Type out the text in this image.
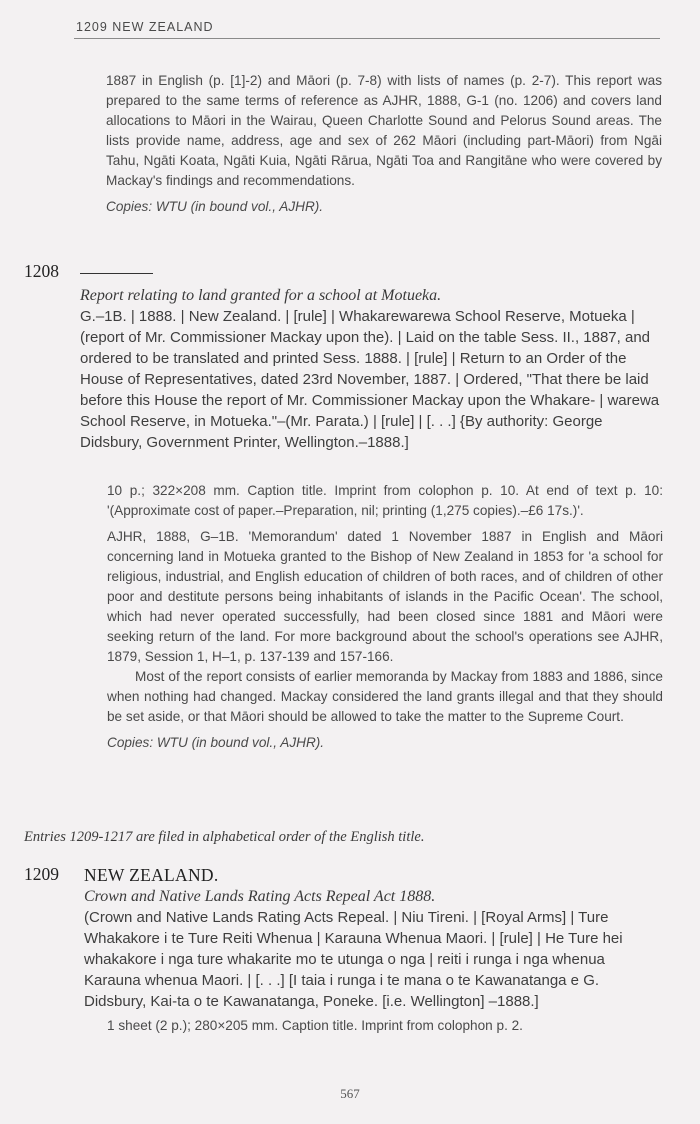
1209 NEW ZEALAND

1887 in English (p. [1]-2) and Māori (p. 7-8) with lists of names (p. 2-7). This report was prepared to the same terms of reference as AJHR, 1888, G-1 (no. 1206) and covers land allocations to Māori in the Wairau, Queen Charlotte Sound and Pelorus Sound areas. The lists provide name, address, age and sex of 262 Māori (including part-Māori) from Ngāi Tahu, Ngāti Koata, Ngāti Kuia, Ngāti Rārua, Ngāti Toa and Rangitāne who were covered by Mackay's findings and recommendations.

Copies: WTU (in bound vol., AJHR).

1208
Report relating to land granted for a school at Motueka.

G.–1B. | 1888. | New Zealand. | [rule] | Whakarewarewa School Reserve, Motueka | (report of Mr. Commissioner Mackay upon the). | Laid on the table Sess. II., 1887, and ordered to be translated and printed Sess. 1888. | [rule] | Return to an Order of the House of Representatives, dated 23rd November, 1887. | Ordered, "That there be laid before this House the report of Mr. Commissioner Mackay upon the Whakare- | warewa School Reserve, in Motueka."–(Mr. Parata.) | [rule] | [. . .] {By authority: George Didsbury, Government Printer, Wellington.–1888.]

10 p.; 322×208 mm. Caption title. Imprint from colophon p. 10. At end of text p. 10: '(Approximate cost of paper.–Preparation, nil; printing (1,275 copies).–£6 17s.)'.

AJHR, 1888, G–1B. 'Memorandum' dated 1 November 1887 in English and Māori concerning land in Motueka granted to the Bishop of New Zealand in 1853 for 'a school for religious, industrial, and English education of children of both races, and of children of other poor and destitute persons being inhabitants of islands in the Pacific Ocean'. The school, which had never operated successfully, had been closed since 1881 and Māori were seeking return of the land. For more background about the school's operations see AJHR, 1879, Session 1, H–1, p. 137-139 and 157-166.

Most of the report consists of earlier memoranda by Mackay from 1883 and 1886, since when nothing had changed. Mackay considered the land grants illegal and that they should be set aside, or that Māori should be allowed to take the matter to the Supreme Court.

Copies: WTU (in bound vol., AJHR).

Entries 1209-1217 are filed in alphabetical order of the English title.
1209 NEW ZEALAND.
Crown and Native Lands Rating Acts Repeal Act 1888.

(Crown and Native Lands Rating Acts Repeal. | Niu Tireni. | [Royal Arms] | Ture Whakakore i te Ture Reiti Whenua | Karauna Whenua Maori. | [rule] | He Ture hei whakakore i nga ture whakarite mo te utunga o nga | reiti i runga i nga whenua Karauna whenua Maori. | [. . .] [I taia i runga i te mana o te Kawanatanga e G. Didsbury, Kai-ta o te Kawanatanga, Poneke. [i.e. Wellington] –1888.]

1 sheet (2 p.); 280×205 mm. Caption title. Imprint from colophon p. 2.

567
